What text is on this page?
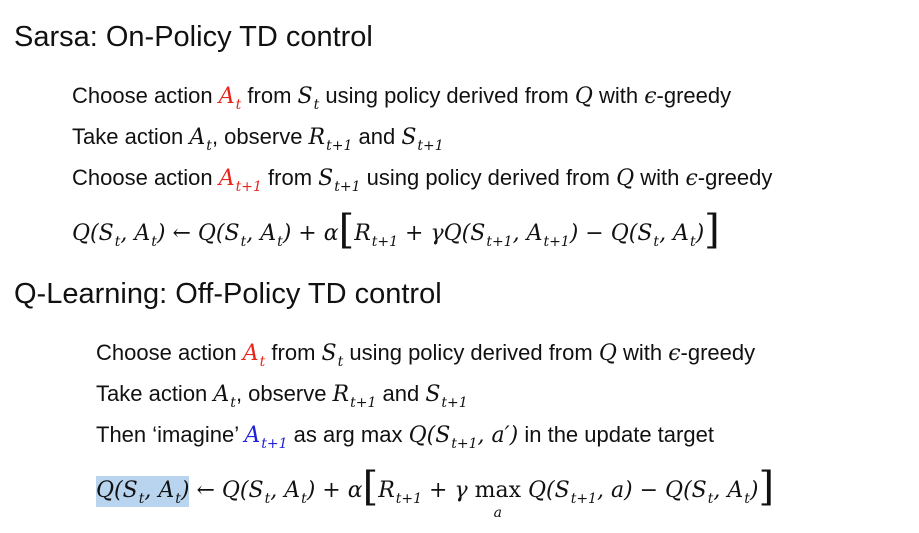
Sarsa: On-Policy TD control
Choose action $A_t$ from $S_t$ using policy derived from Q with ϵ-greedy
Take action $A_t$, observe $R_{t+1}$ and $S_{t+1}$
Choose action $A_{t+1}$ from $S_{t+1}$ using policy derived from Q with ϵ-greedy
$Q(S_t$, $A_t$) ← $Q(S_t$, $A_t) + \alpha[R_{t+1} + \gamma Q(S_{t+1}$, $A_{t+1}) - Q(S_t$, $A_t$)]
Q-Learning: Off-Policy TD control
Choose action $A_t$ from $S_t$ using policy derived from Q with ϵ-greedy
Take action $A_t$, observe $R_{t+1}$ and $S_{t+1}$
Then ‘imagine’ $A_{t+1}$ as arg $\max Q(S_{t+1}$, a′) in the update target
$Q(S_t$, $A_t$) ← $Q(S_t$, $A_t) + \alpha[R_{t+1} + \gamma$ max
a
$Q(S_{t+1}$, $a) - Q(S_t$, $A_t$)]
